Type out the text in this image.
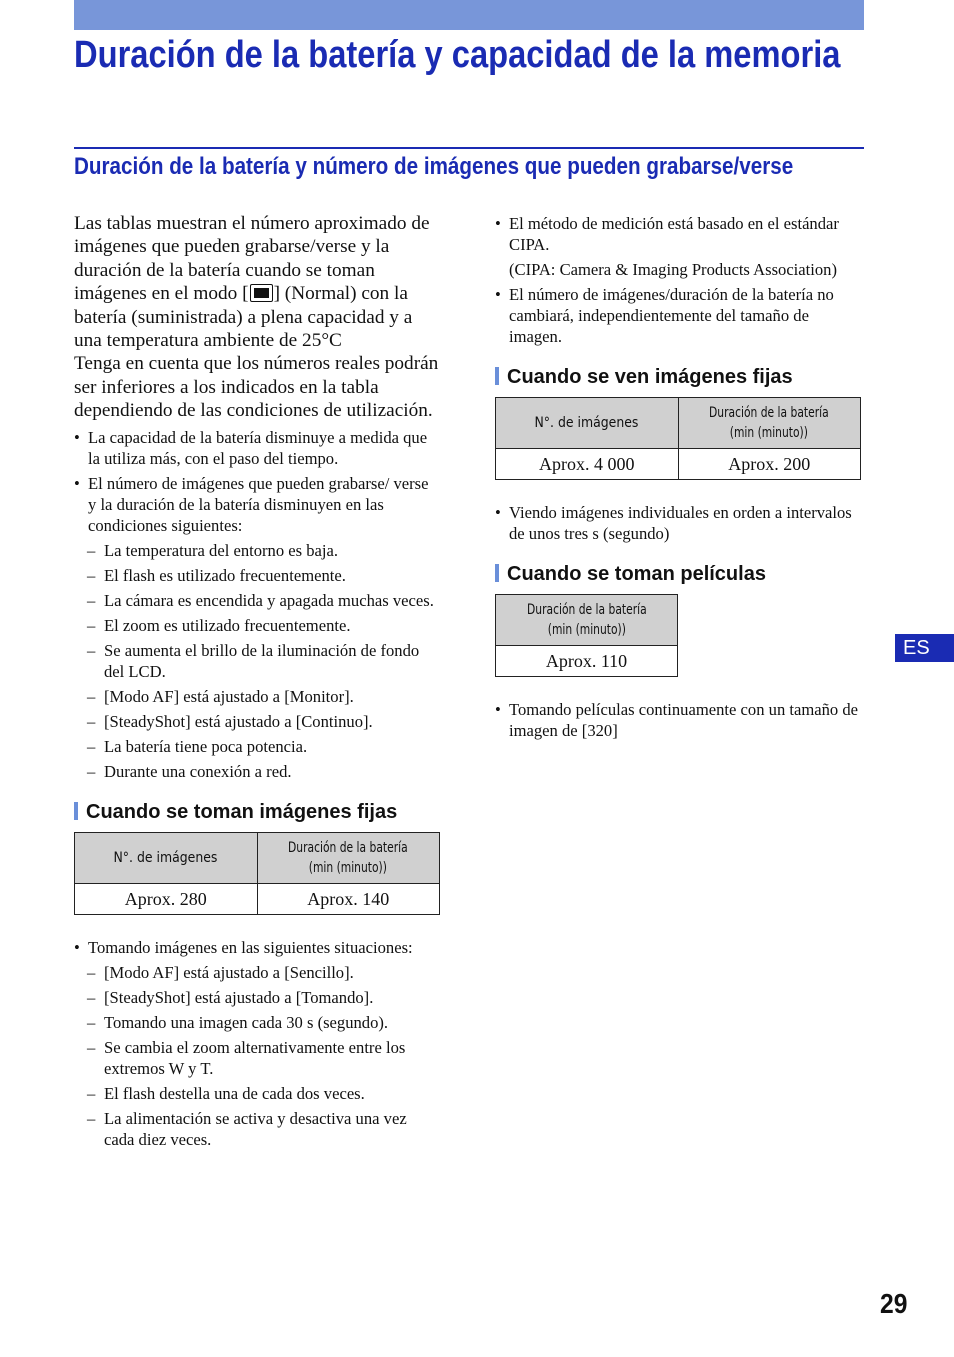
Duración de la batería y capacidad de la memoria
Duración de la batería y número de imágenes que pueden grabarse/verse

Las tablas muestran el número aproximado de imágenes que pueden grabarse/verse y la duración de la batería cuando se toman imágenes en el modo [ ] (Normal) con la batería (suministrada) a plena capacidad y a una temperatura ambiente de 25°C
Tenga en cuenta que los números reales podrán ser inferiores a los indicados en la tabla dependiendo de las condiciones de utilización.

• La capacidad de la batería disminuye a medida que la utiliza más, con el paso del tiempo.
• El número de imágenes que pueden grabarse/ verse y la duración de la batería disminuyen en las condiciones siguientes:
– La temperatura del entorno es baja.
– El flash es utilizado frecuentemente.
– La cámara es encendida y apagada muchas veces.
– El zoom es utilizado frecuentemente.
– Se aumenta el brillo de la iluminación de fondo del LCD.
– [Modo AF] está ajustado a [Monitor].
– [SteadyShot] está ajustado a [Continuo].
– La batería tiene poca potencia.
– Durante una conexión a red.
Cuando se toman imágenes fijas
N°. de imágenes	Duración de la batería
(min (minuto))
Aprox. 280	Aprox. 140
• Tomando imágenes en las siguientes situaciones:
– [Modo AF] está ajustado a [Sencillo].
– [SteadyShot] está ajustado a [Tomando].
– Tomando una imagen cada 30 s (segundo).
– Se cambia el zoom alternativamente entre los extremos W y T.
– El flash destella una de cada dos veces.
– La alimentación se activa y desactiva una vez cada diez veces.
• El método de medición está basado en el estándar CIPA.
(CIPA: Camera & Imaging Products Association)
• El número de imágenes/duración de la batería no cambiará, independientemente del tamaño de imagen.
Cuando se ven imágenes fijas
N°. de imágenes	Duración de la batería
(min (minuto))
Aprox. 4 000	Aprox. 200
• Viendo imágenes individuales en orden a intervalos de unos tres s (segundo)
Cuando se toman películas
Duración de la batería
(min (minuto))
Aprox. 110
• Tomando películas continuamente con un tamaño de imagen de [320]
ES
29
